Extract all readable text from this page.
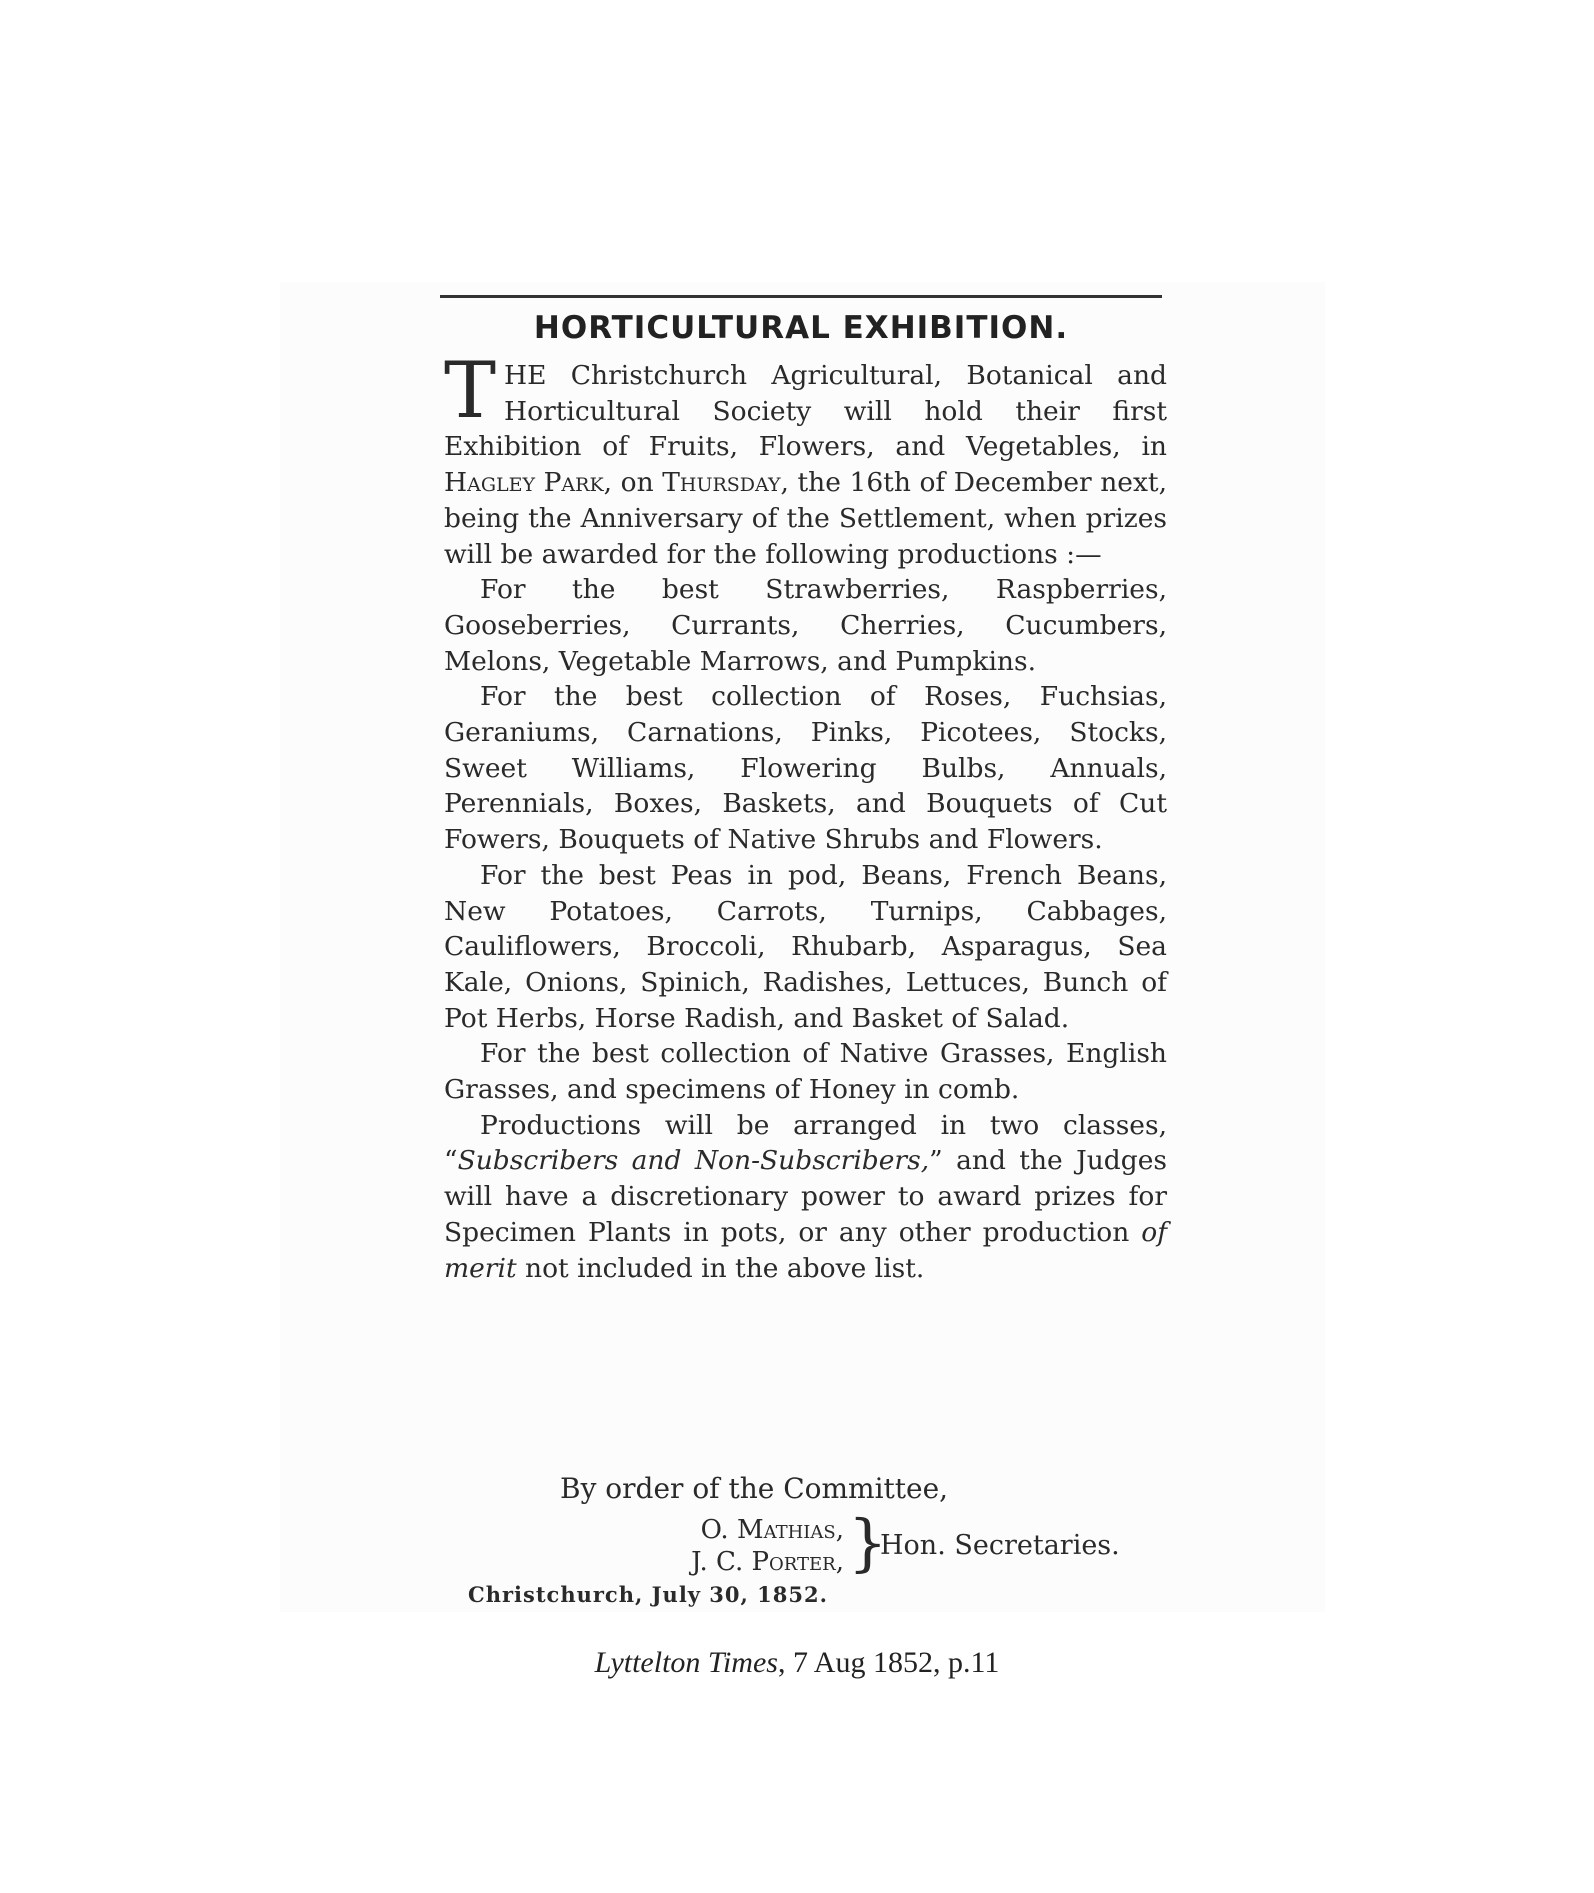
HORTICULTURAL EXHIBITION.

THE Christchurch Agricultural, Botanical and Horticultural Society will hold their first Exhibition of Fruits, Flowers, and Vegetables, in Hagley Park, on Thursday, the 16th of December next, being the Anniversary of the Settlement, when prizes will be awarded for the following productions :—

For the best Strawberries, Raspberries, Gooseberries, Currants, Cherries, Cucumbers, Melons, Vegetable Marrows, and Pumpkins.

For the best collection of Roses, Fuchsias, Geraniums, Carnations, Pinks, Picotees, Stocks, Sweet Williams, Flowering Bulbs, Annuals, Perennials, Boxes, Baskets, and Bouquets of Cut Fowers, Bouquets of Native Shrubs and Flowers.

For the best Peas in pod, Beans, French Beans, New Potatoes, Carrots, Turnips, Cabbages, Cauliflowers, Broccoli, Rhubarb, Asparagus, Sea Kale, Onions, Spinich, Radishes, Lettuces, Bunch of Pot Herbs, Horse Radish, and Basket of Salad.

For the best collection of Native Grasses, English Grasses, and specimens of Honey in comb.

Productions will be arranged in two classes, “Subscribers and Non-Subscribers,” and the Judges will have a discretionary power to award prizes for Specimen Plants in pots, or any other production of merit not included in the above list.

By order of the Committee,
O. Mathias,
J. C. Porter, }
Hon. Secretaries.
Christchurch, July 30, 1852.
Lyttelton Times, 7 Aug 1852, p.11
